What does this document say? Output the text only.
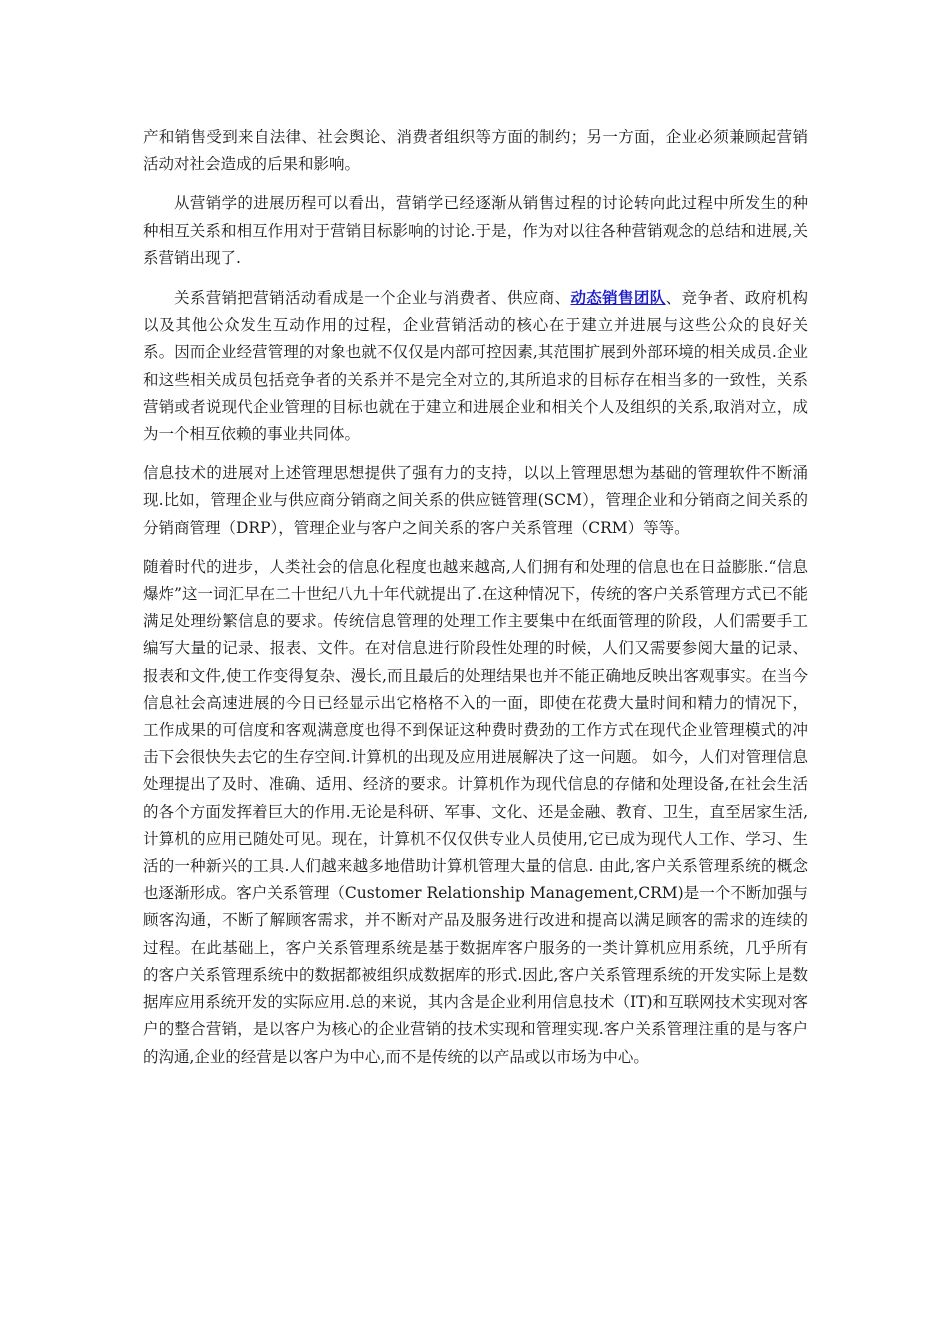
产和销售受到来自法律、社会舆论、消费者组织等方面的制约；另一方面，企业必须兼顾起营销活动对社会造成的后果和影响。

从营销学的进展历程可以看出，营销学已经逐渐从销售过程的讨论转向此过程中所发生的种种相互关系和相互作用对于营销目标影响的讨论.于是，作为对以往各种营销观念的总结和进展,关系营销出现了.

关系营销把营销活动看成是一个企业与消费者、供应商、动态销售团队、竞争者、政府机构以及其他公众发生互动作用的过程，企业营销活动的核心在于建立并进展与这些公众的良好关系。因而企业经营管理的对象也就不仅仅是内部可控因素,其范围扩展到外部环境的相关成员.企业和这些相关成员包括竞争者的关系并不是完全对立的,其所追求的目标存在相当多的一致性，关系营销或者说现代企业管理的目标也就在于建立和进展企业和相关个人及组织的关系,取消对立，成为一个相互依赖的事业共同体。

信息技术的进展对上述管理思想提供了强有力的支持，以以上管理思想为基础的管理软件不断涌现.比如，管理企业与供应商分销商之间关系的供应链管理(SCM），管理企业和分销商之间关系的分销商管理（DRP），管理企业与客户之间关系的客户关系管理（CRM）等等。

随着时代的进步，人类社会的信息化程度也越来越高,人们拥有和处理的信息也在日益膨胀.“信息爆炸”这一词汇早在二十世纪八九十年代就提出了.在这种情况下，传统的客户关系管理方式已不能满足处理纷繁信息的要求。传统信息管理的处理工作主要集中在纸面管理的阶段，人们需要手工编写大量的记录、报表、文件。在对信息进行阶段性处理的时候，人们又需要参阅大量的记录、报表和文件,使工作变得复杂、漫长,而且最后的处理结果也并不能正确地反映出客观事实。在当今信息社会高速进展的今日已经显示出它格格不入的一面，即使在花费大量时间和精力的情况下，工作成果的可信度和客观满意度也得不到保证这种费时费劲的工作方式在现代企业管理模式的冲击下会很快失去它的生存空间.计算机的出现及应用进展解决了这一问题。 如今，人们对管理信息处理提出了及时、准确、适用、经济的要求。计算机作为现代信息的存储和处理设备,在社会生活的各个方面发挥着巨大的作用.无论是科研、军事、文化、还是金融、教育、卫生，直至居家生活,计算机的应用已随处可见。现在，计算机不仅仅供专业人员使用,它已成为现代人工作、学习、生活的一种新兴的工具.人们越来越多地借助计算机管理大量的信息. 由此,客户关系管理系统的概念也逐渐形成。客户关系管理（Customer Relationship Management,CRM)是一个不断加强与顾客沟通，不断了解顾客需求，并不断对产品及服务进行改进和提高以满足顾客的需求的连续的过程。在此基础上，客户关系管理系统是基于数据库客户服务的一类计算机应用系统，几乎所有的客户关系管理系统中的数据都被组织成数据库的形式.因此,客户关系管理系统的开发实际上是数据库应用系统开发的实际应用.总的来说，其内含是企业利用信息技术（IT)和互联网技术实现对客户的整合营销，是以客户为核心的企业营销的技术实现和管理实现.客户关系管理注重的是与客户的沟通,企业的经营是以客户为中心,而不是传统的以产品或以市场为中心。
